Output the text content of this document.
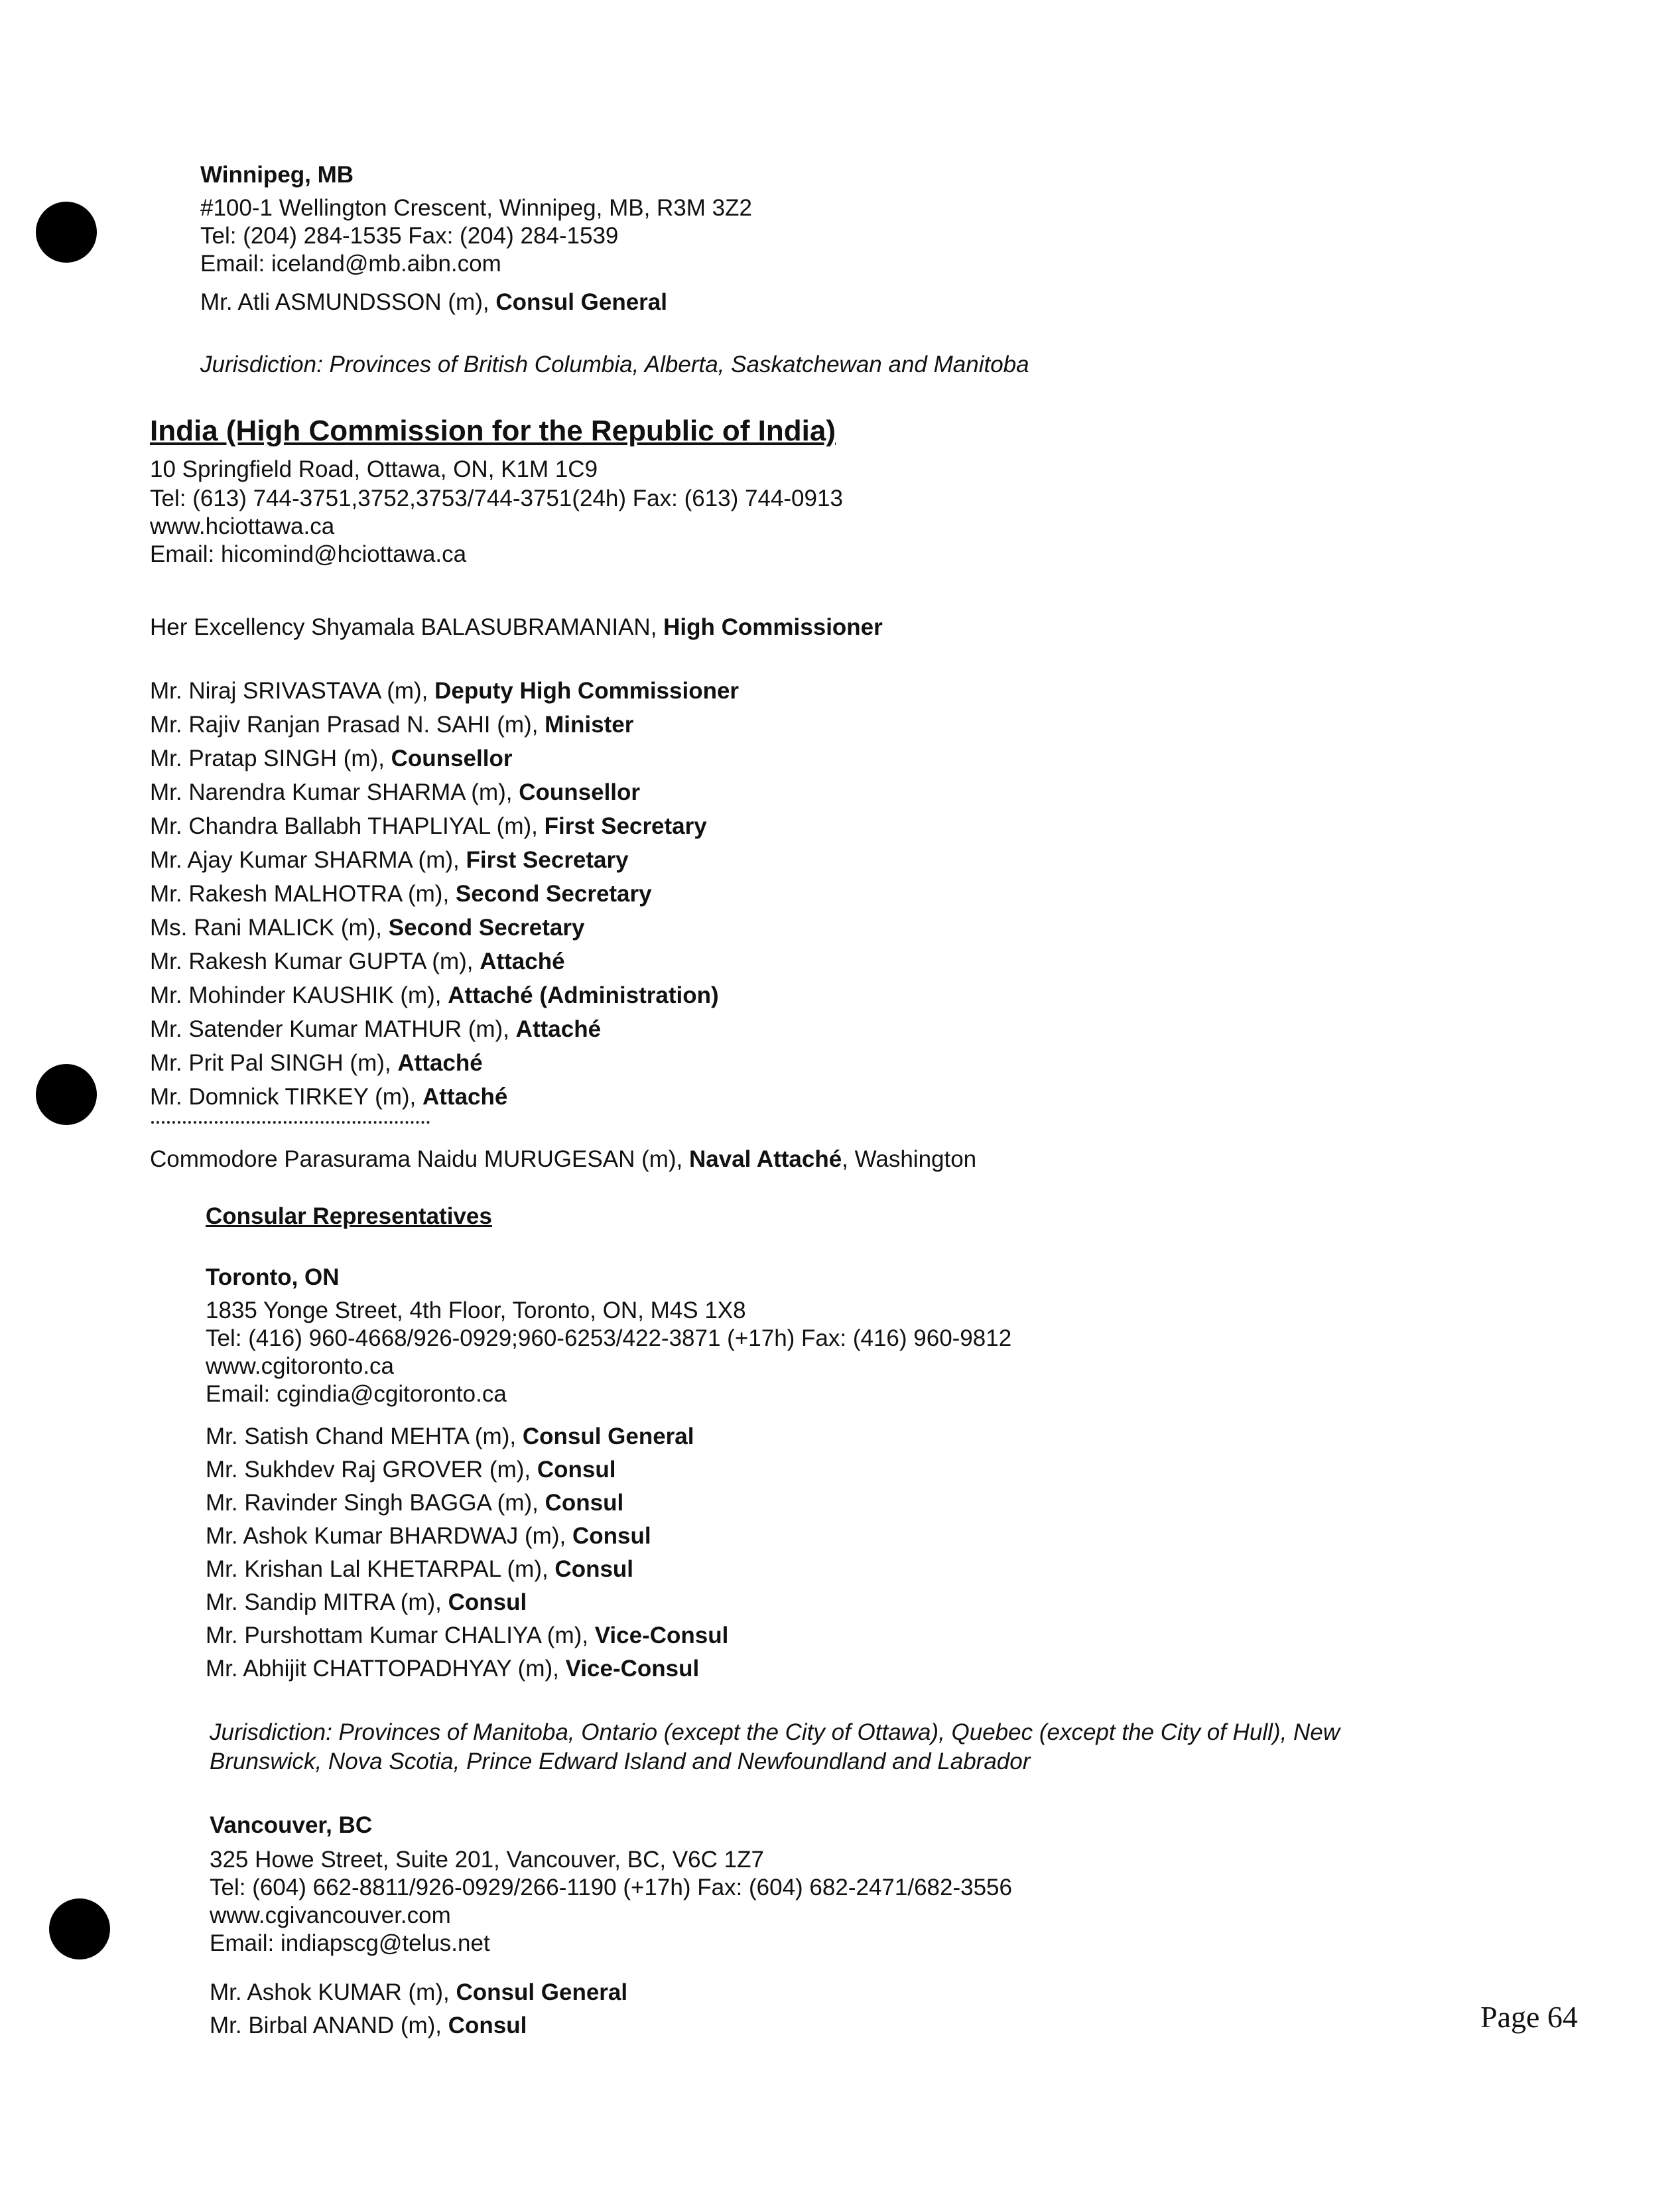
Winnipeg, MB
#100-1 Wellington Crescent, Winnipeg, MB, R3M 3Z2
Tel: (204) 284-1535 Fax: (204) 284-1539
Email: iceland@mb.aibn.com
Mr. Atli ASMUNDSSON (m), Consul General
Jurisdiction: Provinces of British Columbia, Alberta, Saskatchewan and Manitoba
India (High Commission for the Republic of India)
10 Springfield Road, Ottawa, ON, K1M 1C9
Tel: (613) 744-3751,3752,3753/744-3751(24h) Fax: (613) 744-0913
www.hciottawa.ca
Email: hicomind@hciottawa.ca
Her Excellency Shyamala BALASUBRAMANIAN, High Commissioner
Mr. Niraj SRIVASTAVA (m), Deputy High Commissioner
Mr. Rajiv Ranjan Prasad N. SAHI (m), Minister
Mr. Pratap SINGH (m), Counsellor
Mr. Narendra Kumar SHARMA (m), Counsellor
Mr. Chandra Ballabh THAPLIYAL (m), First Secretary
Mr. Ajay Kumar SHARMA (m), First Secretary
Mr. Rakesh MALHOTRA (m), Second Secretary
Ms. Rani MALICK (m), Second Secretary
Mr. Rakesh Kumar GUPTA (m), Attaché
Mr. Mohinder KAUSHIK (m), Attaché (Administration)
Mr. Satender Kumar MATHUR (m), Attaché
Mr. Prit Pal SINGH (m), Attaché
Mr. Domnick TIRKEY (m), Attaché
Commodore Parasurama Naidu MURUGESAN (m), Naval Attaché, Washington
Consular Representatives
Toronto, ON
1835 Yonge Street, 4th Floor, Toronto, ON, M4S 1X8
Tel: (416) 960-4668/926-0929;960-6253/422-3871 (+17h) Fax: (416) 960-9812
www.cgitoronto.ca
Email: cgindia@cgitoronto.ca
Mr. Satish Chand MEHTA (m), Consul General
Mr. Sukhdev Raj GROVER (m), Consul
Mr. Ravinder Singh BAGGA (m), Consul
Mr. Ashok Kumar BHARDWAJ (m), Consul
Mr. Krishan Lal KHETARPAL (m), Consul
Mr. Sandip MITRA (m), Consul
Mr. Purshottam Kumar CHALIYA (m), Vice-Consul
Mr. Abhijit CHATTOPADHYAY (m), Vice-Consul
Jurisdiction: Provinces of Manitoba, Ontario (except the City of Ottawa), Quebec (except the City of Hull), New
Brunswick, Nova Scotia, Prince Edward Island and Newfoundland and Labrador
Vancouver, BC
325 Howe Street, Suite 201, Vancouver, BC, V6C 1Z7
Tel: (604) 662-8811/926-0929/266-1190 (+17h) Fax: (604) 682-2471/682-3556
www.cgivancouver.com
Email: indiapscg@telus.net
Mr. Ashok KUMAR (m), Consul General
Mr. Birbal ANAND (m), Consul	Page 64
